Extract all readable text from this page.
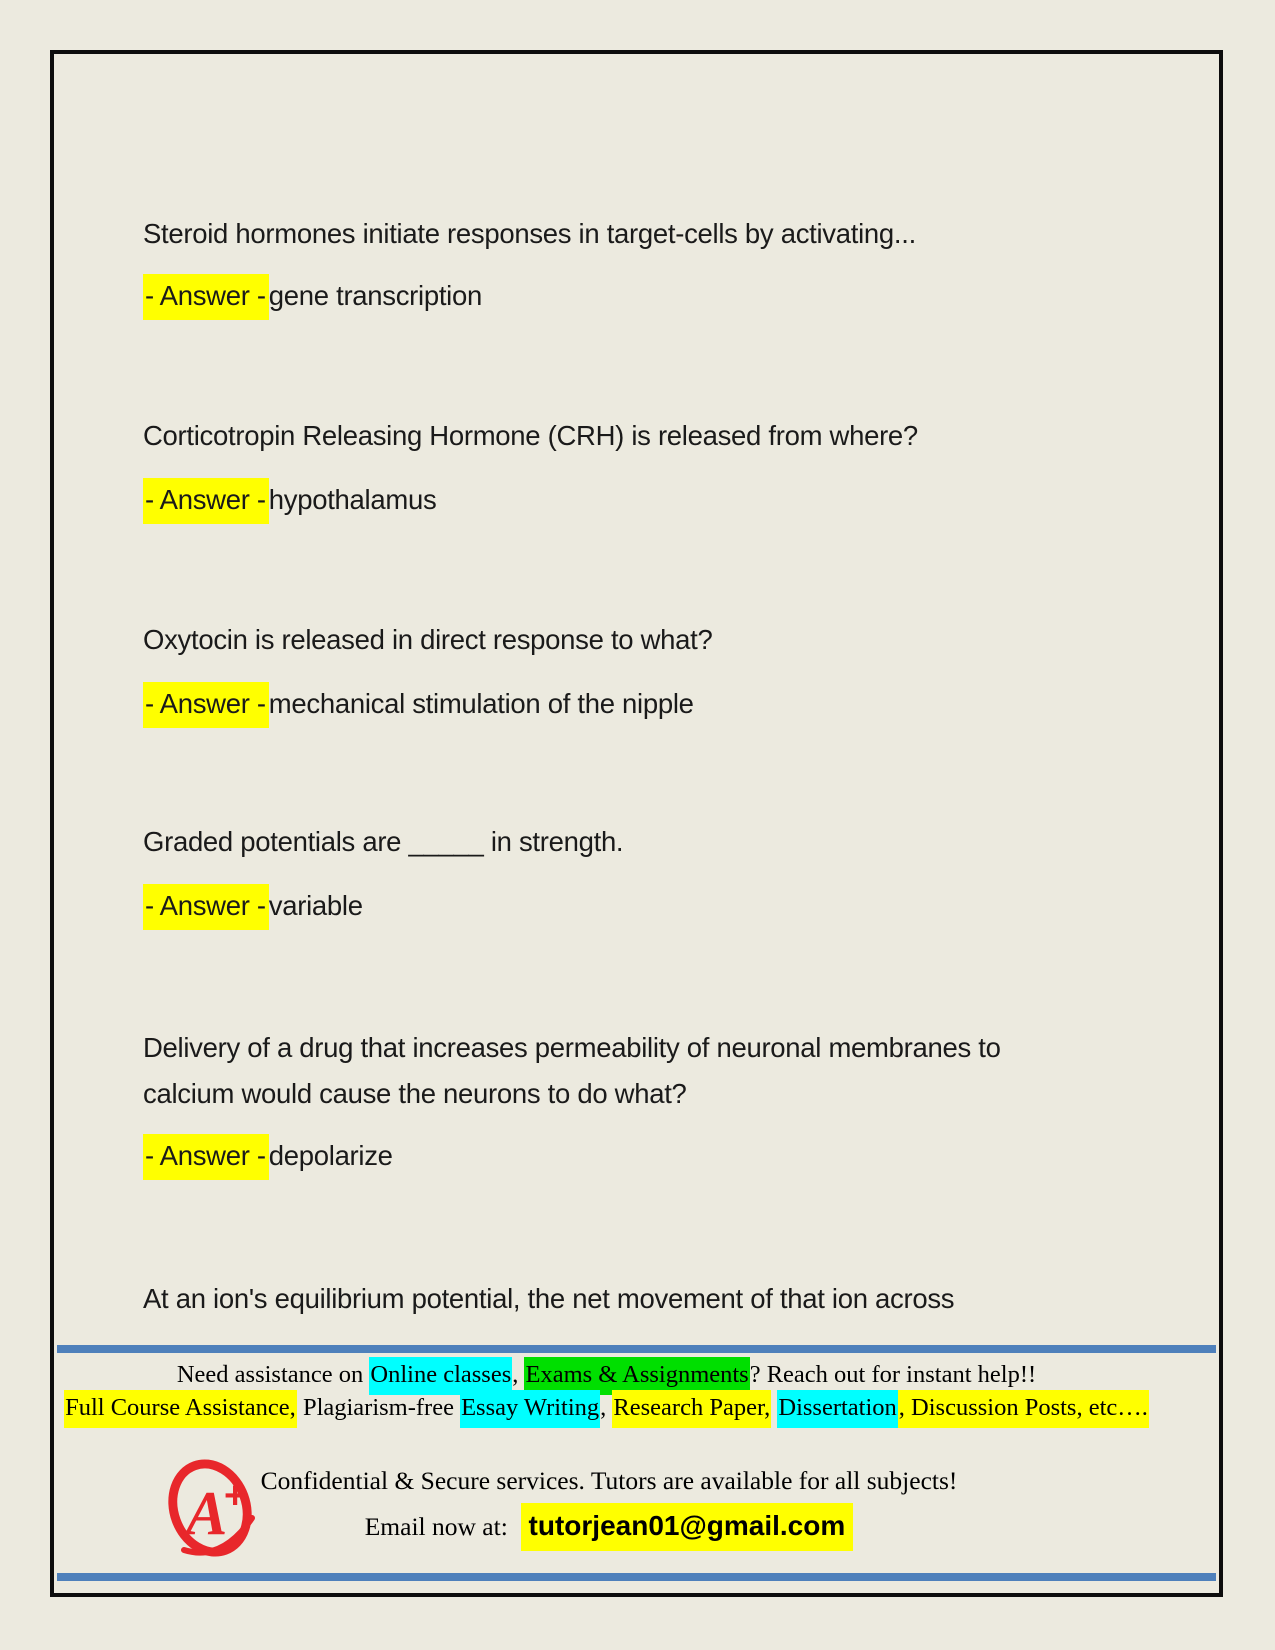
Steroid hormones initiate responses in target-cells by activating...
- Answer - gene transcription
Corticotropin Releasing Hormone (CRH) is released from where?
- Answer - hypothalamus
Oxytocin is released in direct response to what?
- Answer - mechanical stimulation of the nipple
Graded potentials are _____ in strength.
- Answer - variable
Delivery of a drug that increases permeability of neuronal membranes to calcium would cause the neurons to do what?
- Answer - depolarize
At an ion's equilibrium potential, the net movement of that ion across
Need assistance on Online classes, Exams & Assignments? Reach out for instant help!!
Full Course Assistance, Plagiarism-free Essay Writing, Research Paper, Dissertation, Discussion Posts, etc….
A
+ Confidential & Secure services. Tutors are available for all subjects!
Email now at:  tutorjean01@gmail.com
